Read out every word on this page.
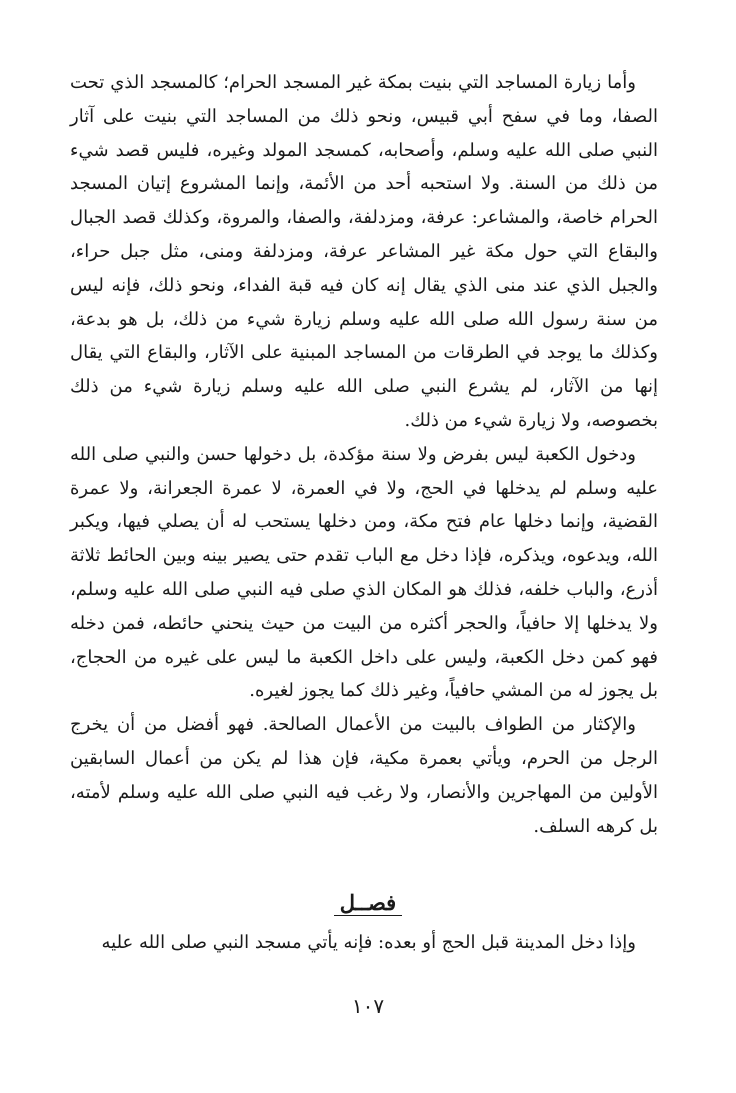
وأما زيارة المساجد التي بنيت بمكة غير المسجد الحرام؛ كالمسجد الذي تحت الصفا، وما في سفح أبي قبيس، ونحو ذلك من المساجد التي بنيت على آثار النبي صلى الله عليه وسلم، وأصحابه، كمسجد المولد وغيره، فليس قصد شيء من ذلك من السنة. ولا استحبه أحد من الأئمة، وإنما المشروع إتيان المسجد الحرام خاصة، والمشاعر: عرفة، ومزدلفة، والصفا، والمروة، وكذلك قصد الجبال والبقاع التي حول مكة غير المشاعر عرفة، ومزدلفة ومنى، مثل جبل حراء، والجبل الذي عند منى الذي يقال إنه كان فيه قبة الفداء، ونحو ذلك، فإنه ليس من سنة رسول الله صلى الله عليه وسلم زيارة شيء من ذلك، بل هو بدعة، وكذلك ما يوجد في الطرقات من المساجد المبنية على الآثار، والبقاع التي يقال إنها من الآثار، لم يشرع النبي صلى الله عليه وسلم زيارة شيء من ذلك بخصوصه، ولا زيارة شيء من ذلك.

ودخول الكعبة ليس بفرض ولا سنة مؤكدة، بل دخولها حسن والنبي صلى الله عليه وسلم لم يدخلها في الحج، ولا في العمرة، لا عمرة الجعرانة، ولا عمرة القضية، وإنما دخلها عام فتح مكة، ومن دخلها يستحب له أن يصلي فيها، ويكبر الله، ويدعوه، ويذكره، فإذا دخل مع الباب تقدم حتى يصير بينه وبين الحائط ثلاثة أذرع، والباب خلفه، فذلك هو المكان الذي صلى فيه النبي صلى الله عليه وسلم، ولا يدخلها إلا حافياً، والحجر أكثره من البيت من حيث ينحني حائطه، فمن دخله فهو كمن دخل الكعبة، وليس على داخل الكعبة ما ليس على غيره من الحجاج، بل يجوز له من المشي حافياً، وغير ذلك كما يجوز لغيره.

والإكثار من الطواف بالبيت من الأعمال الصالحة. فهو أفضل من أن يخرج الرجل من الحرم، ويأتي بعمرة مكية، فإن هذا لم يكن من أعمال السابقين الأولين من المهاجرين والأنصار، ولا رغب فيه النبي صلى الله عليه وسلم لأمته، بل كرهه السلف.

فصــل

وإذا دخل المدينة قبل الحج أو بعده: فإنه يأتي مسجد النبي صلى الله عليه

١٠٧
